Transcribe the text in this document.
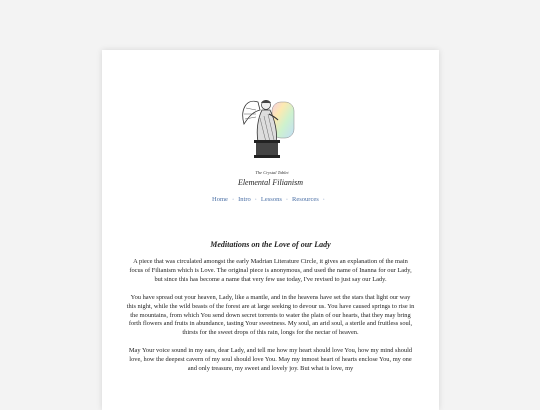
The Crystal Tablet
Elemental Filianism
Home · Intro · Lessons · Resources ·
Meditations on the Love of our Lady

A piece that was circulated amongst the early Madrian Literature Circle, it gives an explanation of the main focus of Filianism which is Love. The original piece is anonymous, and used the name of Inanna for our Lady, but since this has become a name that very few use today, I've revised to just say our Lady.

You have spread out your heaven, Lady, like a mantle, and in the heavens have set the stars that light our way this night, while the wild beasts of the forest are at large seeking to devour us. You have caused springs to rise in the mountains, from which You send down secret torrents to water the plain of our hearts, that they may bring forth flowers and fruits in abundance, tasting Your sweetness. My soul, an arid soul, a sterile and fruitless soul, thirsts for the sweet drops of this rain, longs for the nectar of heaven.

May Your voice sound in my ears, dear Lady, and tell me how my heart should love You, how my mind should love, how the deepest cavern of my soul should love You. May my inmost heart of hearts enclose You, my one and only treasure, my sweet and lovely joy. But what is love, my
